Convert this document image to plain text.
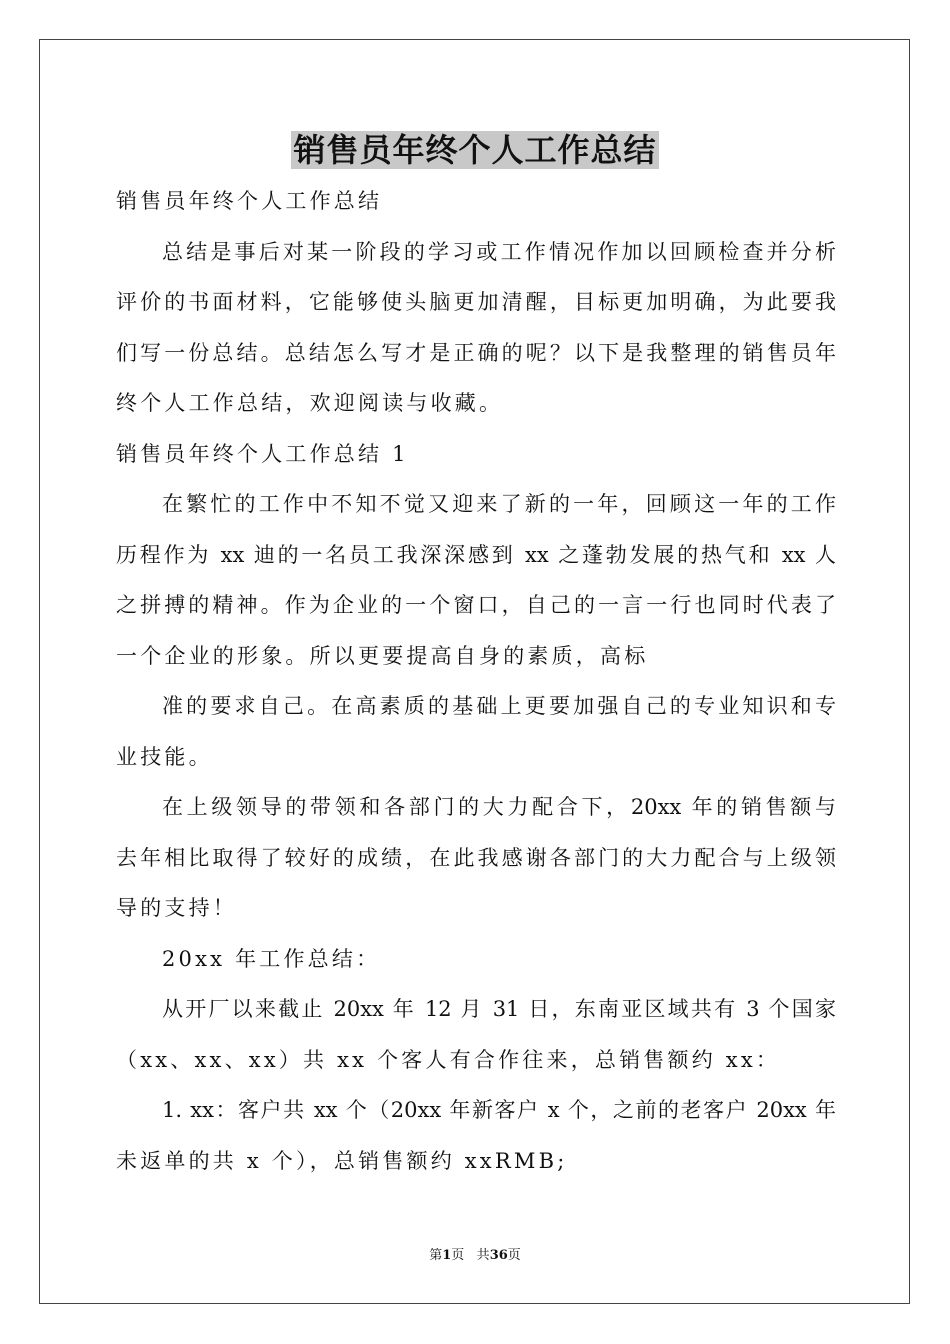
销售员年终个人工作总结
销售员年终个人工作总结
总结是事后对某一阶段的学习或工作情况作加以回顾检查并分析
评价的书面材料，它能够使头脑更加清醒，目标更加明确，为此要我
们写一份总结。总结怎么写才是正确的呢？以下是我整理的销售员年
终个人工作总结，欢迎阅读与收藏。
销售员年终个人工作总结 1
在繁忙的工作中不知不觉又迎来了新的一年，回顾这一年的工作
历程作为 xx 迪的一名员工我深深感到 xx 之蓬勃发展的热气和 xx 人
之拼搏的精神。作为企业的一个窗口，自己的一言一行也同时代表了
一个企业的形象。所以更要提高自身的素质，高标
准的要求自己。在高素质的基础上更要加强自己的专业知识和专
业技能。
在上级领导的带领和各部门的大力配合下，20xx 年的销售额与
去年相比取得了较好的成绩，在此我感谢各部门的大力配合与上级领
导的支持！
20xx 年工作总结：
从开厂以来截止 20xx 年 12 月 31 日，东南亚区域共有 3 个国家
（xx、xx、xx）共 xx 个客人有合作往来，总销售额约 xx：
1. xx：客户共 xx 个（20xx 年新客户 x 个，之前的老客户 20xx 年
未返单的共 x 个），总销售额约 xxRMB;
第1页 共36页
